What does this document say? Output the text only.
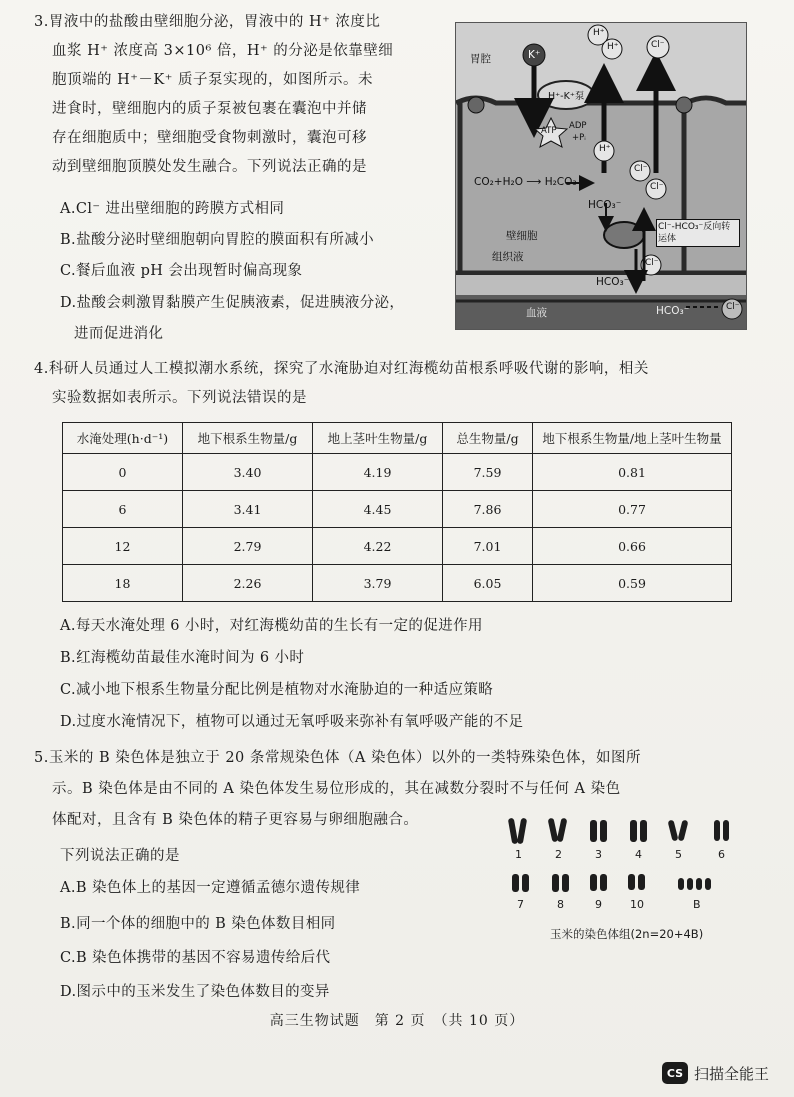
3.胃液中的盐酸由壁细胞分泌，胃液中的 H⁺ 浓度比
血浆 H⁺ 浓度高 3×10⁶ 倍，H⁺ 的分泌是依靠壁细
胞顶端的 H⁺－K⁺ 质子泵实现的，如图所示。未
进食时，壁细胞内的质子泵被包裹在囊泡中并储
存在细胞质中；壁细胞受食物刺激时，囊泡可移
动到壁细胞顶膜处发生融合。下列说法正确的是
A.Cl⁻ 进出壁细胞的跨膜方式相同
B.盐酸分泌时壁细胞朝向胃腔的膜面积有所减小
C.餐后血液 pH 会出现暂时偏高现象
D.盐酸会刺激胃黏膜产生促胰液素，促进胰液分泌，
进而促进消化
胃腔	K⁺
H⁺-K⁺泵
ATP ADP
+Pᵢ
H⁺
H⁺
H⁺
Cl⁻
Cl⁻
Cl⁻
CO₂+H₂O ⟶ H₂CO₃
HCO₃⁻
壁细胞
Cl⁻-HCO₃⁻反向转运体
组织液
HCO₃⁻
Cl⁻
血液	HCO₃⁻	Cl⁻
4.科研人员通过人工模拟潮水系统，探究了水淹胁迫对红海榄幼苗根系呼吸代谢的影响，相关
实验数据如表所示。下列说法错误的是
水淹处理(h·d⁻¹)	地下根系生物量/g	地上茎叶生物量/g	总生物量/g	地下根系生物量/地上茎叶生物量
0	3.40	4.19	7.59	0.81
6	3.41	4.45	7.86	0.77
12	2.79	4.22	7.01	0.66
18	2.26	3.79	6.05	0.59
A.每天水淹处理 6 小时，对红海榄幼苗的生长有一定的促进作用
B.红海榄幼苗最佳水淹时间为 6 小时
C.减小地下根系生物量分配比例是植物对水淹胁迫的一种适应策略
D.过度水淹情况下，植物可以通过无氧呼吸来弥补有氧呼吸产能的不足
5.玉米的 B 染色体是独立于 20 条常规染色体（A 染色体）以外的一类特殊染色体，如图所
示。B 染色体是由不同的 A 染色体发生易位形成的，其在减数分裂时不与任何 A 染色
体配对，且含有 B 染色体的精子更容易与卵细胞融合。
下列说法正确的是
A.B 染色体上的基因一定遵循孟德尔遗传规律
B.同一个体的细胞中的 B 染色体数目相同
C.B 染色体携带的基因不容易遗传给后代
D.图示中的玉米发生了染色体数目的变异
1	2	3	4	5	6
7	8	9	10	B
玉米的染色体组(2n=20+4B)
高三生物试题　第 2 页　（共 10 页）
CS 扫描全能王
